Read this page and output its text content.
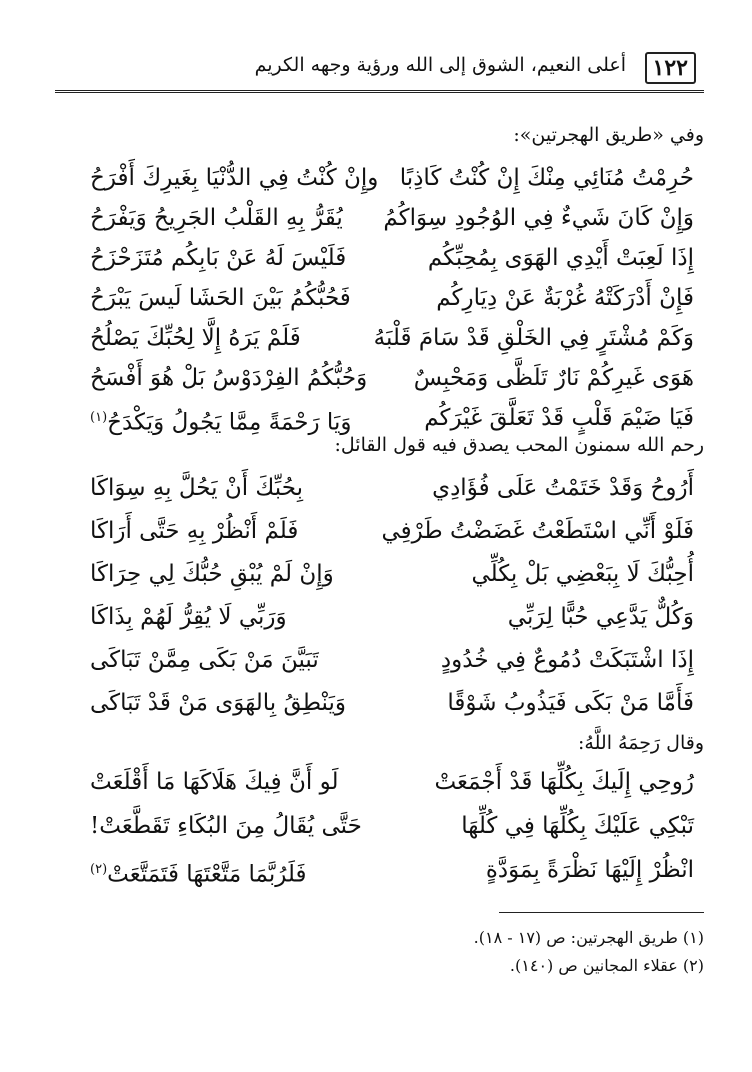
١٢٢
أعلى النعيم، الشوق إلى الله ورؤية وجهه الكريم
وفي «طريق الهجرتين»:
حُرِمْتُ مُنَائِي مِنْكَ إِنْ كُنْتُ كَاذِبًا
وإِنْ كُنْتُ فِي الدُّنْيَا بِغَيرِكَ أَفْرَحُ
وَإِنْ كَانَ شَيءٌ فِي الوُجُودِ سِوَاكُمُ
يُقَرُّ بِهِ القَلْبُ الجَرِيحُ وَيَفْرَحُ
إِذَا لَعِبَتْ أَيْدِي الهَوَى بِمُحِبِّكُم
فَلَيْسَ لَهُ عَنْ بَابِكُم مُتَزَحْزَحُ
فَإِنْ أَدْرَكَتْهُ غُرْبَةٌ عَنْ دِيَارِكُم
فَحُبُّكُمُ بَيْنَ الحَشَا لَيسَ يَبْرَحُ
وَكَمْ مُشْتَرٍ فِي الخَلْقِ قَدْ سَامَ قَلْبَهُ
فَلَمْ يَرَهُ إِلَّا لِحُبِّكَ يَصْلُحُ
هَوَى غَيرِكُمْ نَارٌ تَلَظَّى وَمَحْبِسٌ
وَحُبُّكُمُ الفِرْدَوْسُ بَلْ هُوَ أَفْسَحُ
فَيَا ضَيْمَ قَلْبٍ قَدْ تَعَلَّقَ غَيْرَكُم
وَيَا رَحْمَةً مِمَّا يَجُولُ وَيَكْدَحُ$^{(١)}$
رحم الله سمنون المحب يصدق فيه قول القائل:
أَرُوحُ وَقَدْ خَتَمْتُ عَلَى فُؤَادِي
بِحُبِّكَ أَنْ يَحُلَّ بِهِ سِوَاكَا
فَلَوْ أَنِّي اسْتَطَعْتُ غَضَضْتُ طَرْفِي
فَلَمْ أَنْظُرْ بِهِ حَتَّى أَرَاكَا
أُحِبُّكَ لَا بِبَعْضِي بَلْ بِكُلِّي
وَإِنْ لَمْ يُبْقِ حُبُّكَ لِي حِرَاكَا
وَكُلٌّ يَدَّعِي حُبًّا لِرَبِّي
وَرَبِّي لَا يُقِرُّ لَهُمْ بِذَاكَا
إِذَا اشْتَبَكَتْ دُمُوعٌ فِي خُدُودٍ
تَبَيَّنَ مَنْ بَكَى مِمَّنْ تَبَاكَى
فَأَمَّا مَنْ بَكَى فَيَذُوبُ شَوْقًا
وَيَنْطِقُ بِالهَوَى مَنْ قَدْ تَبَاكَى
وقال رَحِمَهُ اللَّهُ:
رُوحِي إِلَيكَ بِكُلِّهَا قَدْ أَجْمَعَتْ
لَو أَنَّ فِيكَ هَلَاكَهَا مَا أَقْلَعَتْ
تَبْكِي عَلَيْكَ بِكُلِّهَا فِي كُلِّهَا
حَتَّى يُقَالُ مِنَ البُكَاءِ تَقَطَّعَتْ!
انْظُرْ إِلَيْهَا نَظْرَةً بِمَوَدَّةٍ
فَلَرُبَّمَا مَتَّعْتَهَا فَتَمَتَّعَتْ$^{(٢)}$
(١) طريق الهجرتين: ص (١٧ - ١٨).
(٢) عقلاء المجانين ص (١٤٠).
